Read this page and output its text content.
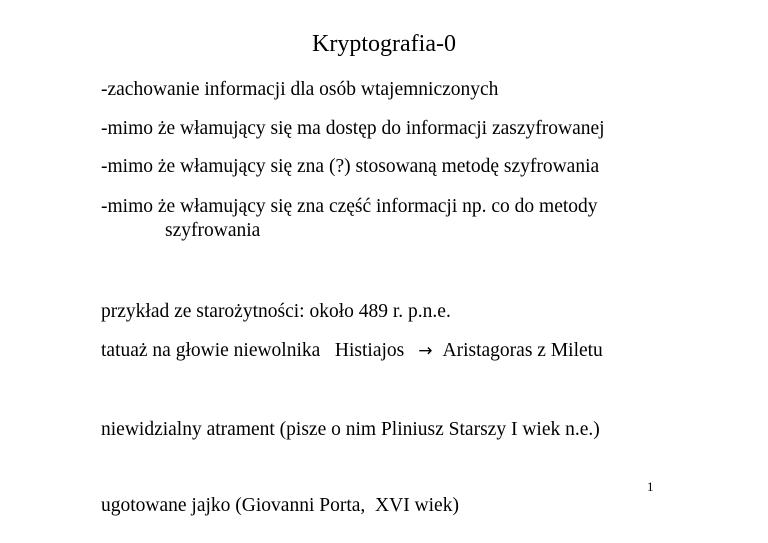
Kryptografia-0
-zachowanie informacji dla osób wtajemniczonych
-mimo że włamujący się ma dostęp do informacji zaszyfrowanej
-mimo że włamujący się zna (?) stosowaną metodę szyfrowania
-mimo że włamujący się zna część informacji np. co do metody
szyfrowania
przykład ze starożytności: około 489 r. p.n.e.
tatuaż na głowie niewolnika   Histiajos → Aristagoras z Miletu
niewidzialny atrament (pisze o nim Pliniusz Starszy I wiek n.e.)
1
ugotowane jajko (Giovanni Porta,  XVI wiek)
